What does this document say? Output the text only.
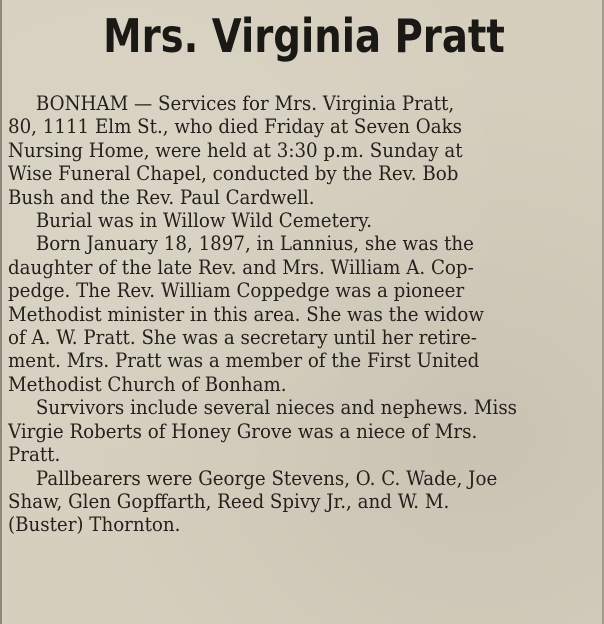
Mrs. Virginia Pratt

BONHAM — Services for Mrs. Virginia Pratt,
80, 1111 Elm St., who died Friday at Seven Oaks
Nursing Home, were held at 3:30 p.m. Sunday at
Wise Funeral Chapel, conducted by the Rev. Bob
Bush and the Rev. Paul Cardwell.

Burial was in Willow Wild Cemetery.

Born January 18, 1897, in Lannius, she was the
daughter of the late Rev. and Mrs. William A. Cop-
pedge. The Rev. William Coppedge was a pioneer
Methodist minister in this area. She was the widow
of A. W. Pratt. She was a secretary until her retire-
ment. Mrs. Pratt was a member of the First United
Methodist Church of Bonham.

Survivors include several nieces and nephews. Miss
Virgie Roberts of Honey Grove was a niece of Mrs.
Pratt.

Pallbearers were George Stevens, O. C. Wade, Joe
Shaw, Glen Gopffarth, Reed Spivy Jr., and W. M.
(Buster) Thornton.
